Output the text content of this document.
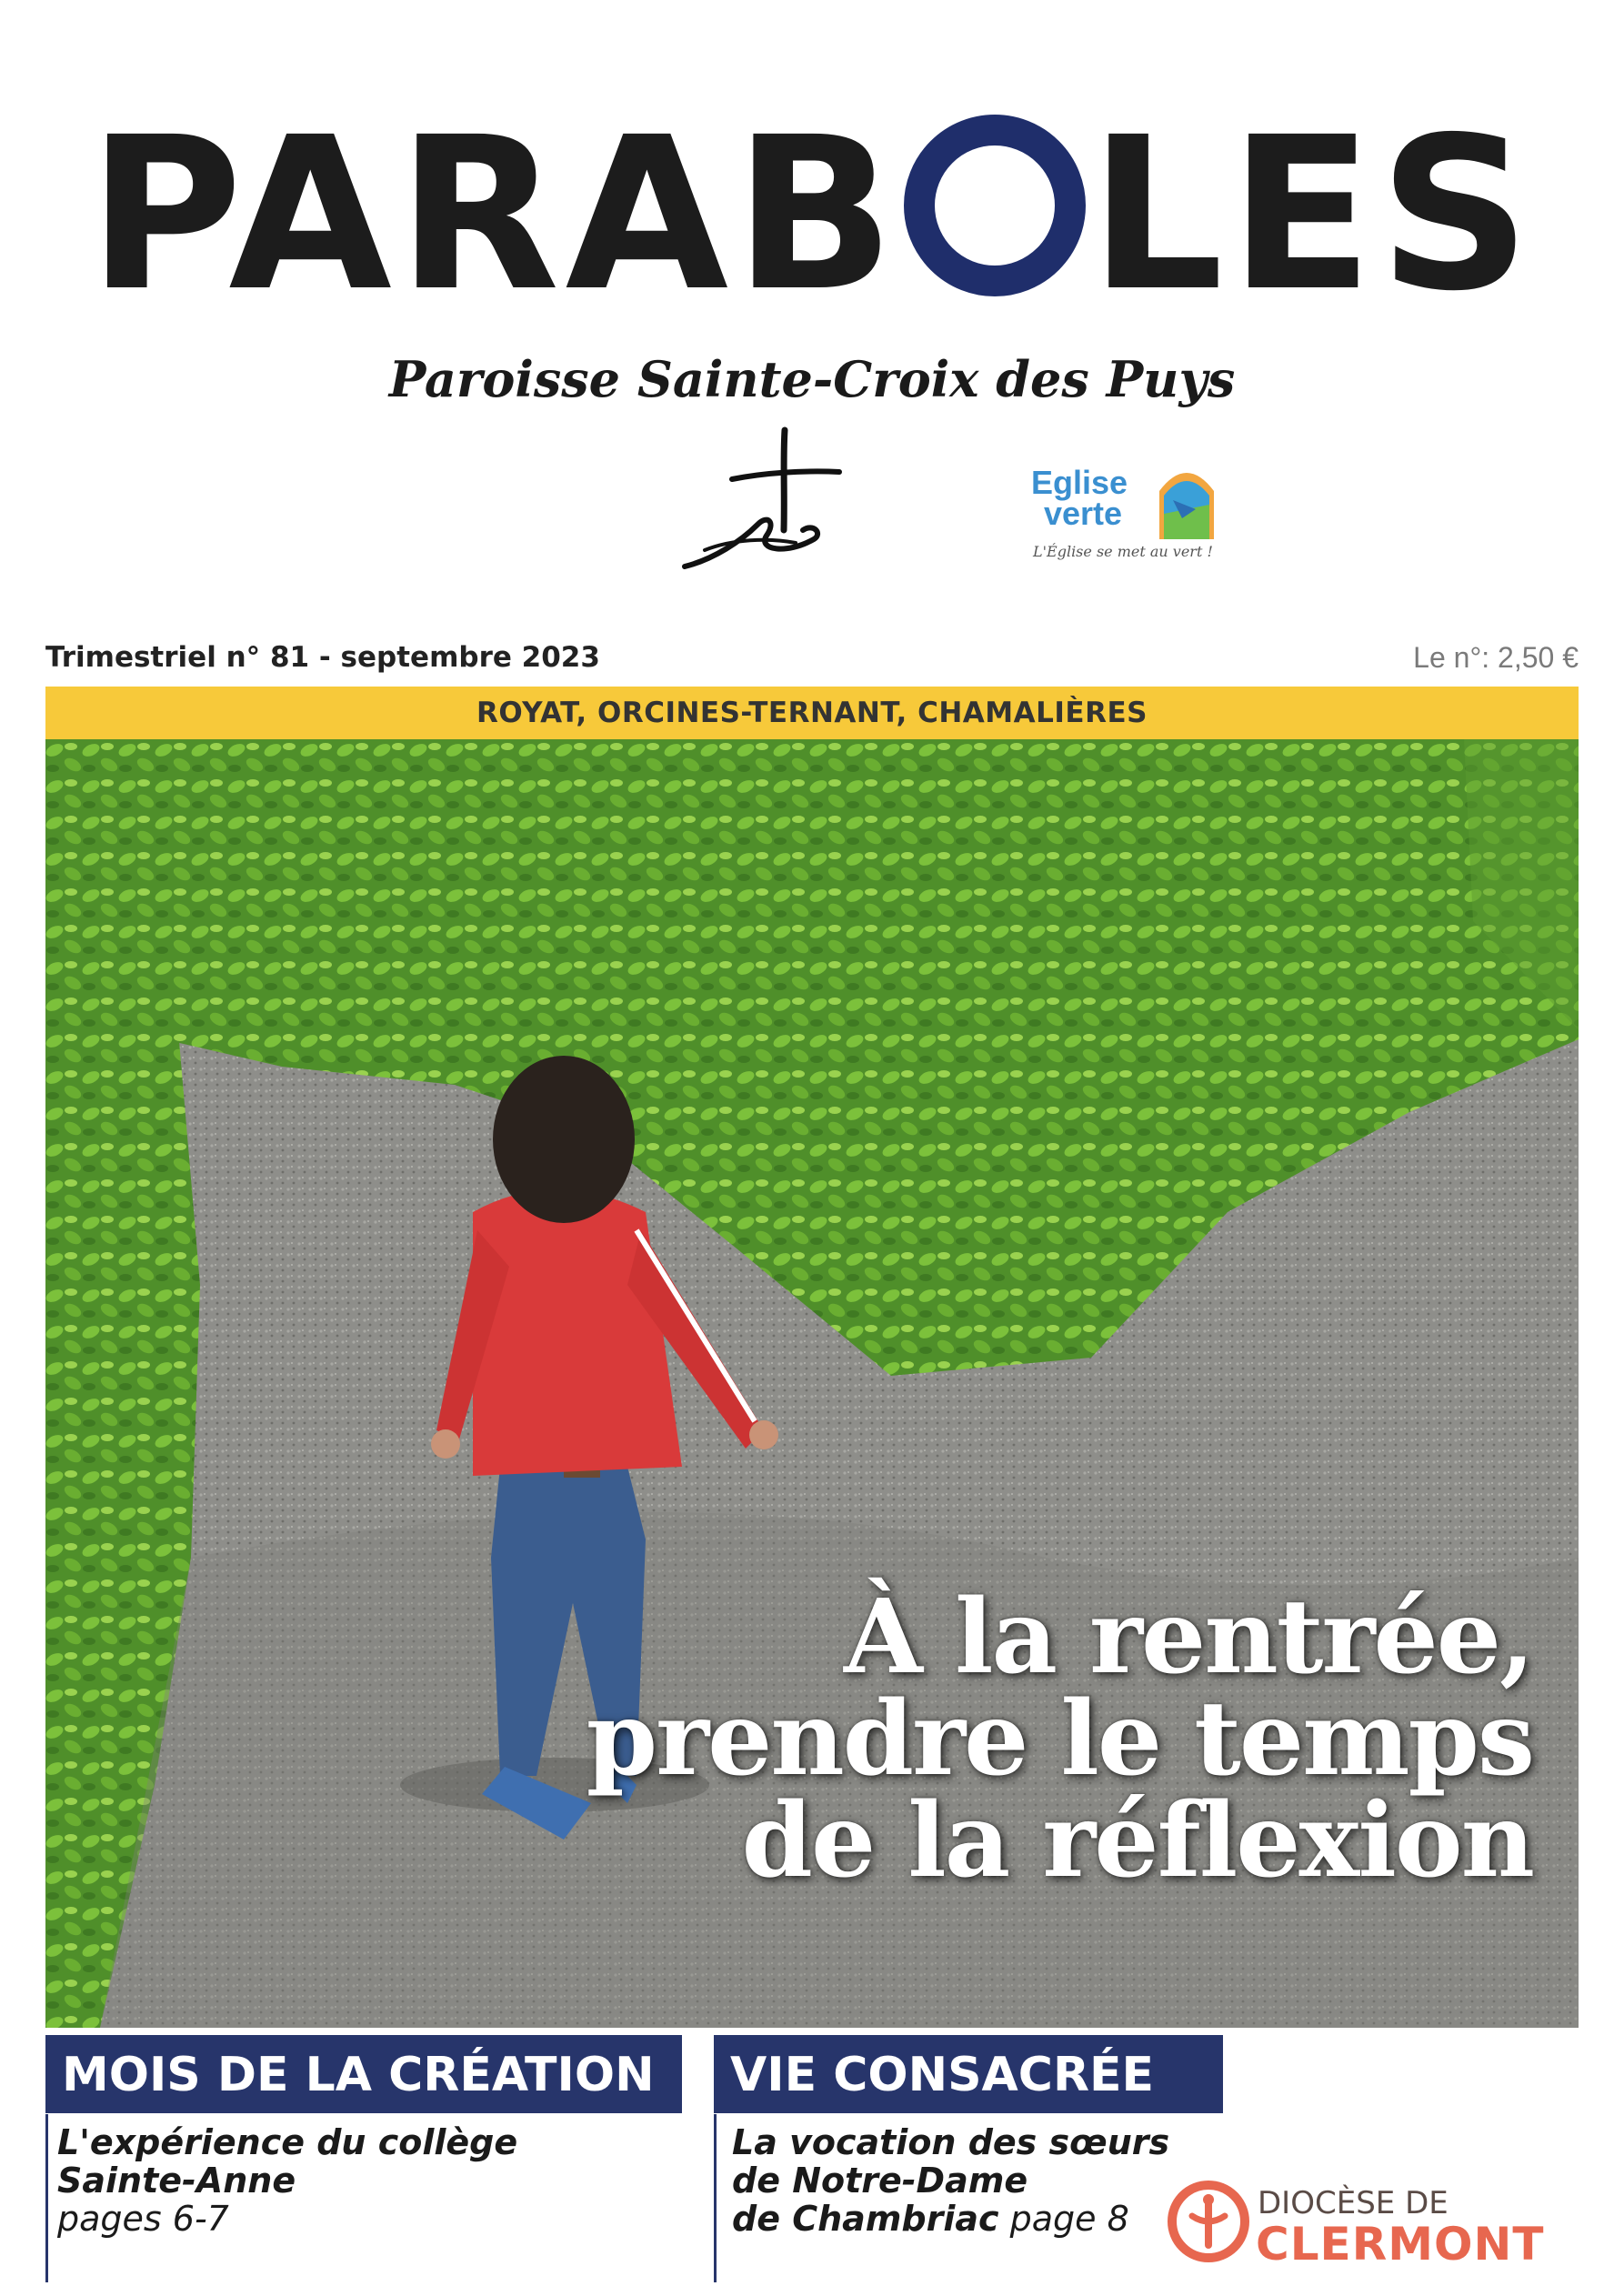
PARAB LES
Paroisse Sainte-Croix des Puys
Eglise
verte
L'Église se met au vert !
Trimestriel n° 81 - septembre 2023	Le n°: 2,50 €
ROYAT, ORCINES-TERNANT, CHAMALIÈRES
À la rentrée,
prendre le temps
de la réflexion
MOIS DE LA CRÉATION
L'expérience du collège
Sainte-Anne
pages 6-7
VIE CONSACRÉE
La vocation des sœurs
de Notre-Dame
de Chambriac page 8	DIOCÈSE DE
CLERMONT
